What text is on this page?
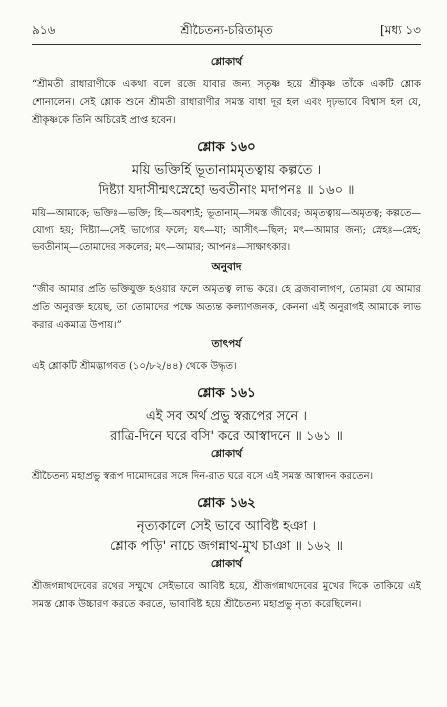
৯১৬	শ্রীচৈতন্য-চরিতামৃত	[মধ্য ১৩
শ্লোকার্থ
“শ্রীমতী রাধারাণীকে একথা বলে রজে যাবার জন্য সতৃষ্ণ হয়ে শ্রীকৃষ্ণ তাঁকে একটি শ্লোক শোনালেন। সেই শ্লোক শুনে শ্রীমতী রাধারাণীর সমস্ত বাধা দূর হল এবং দৃঢ়ভাবে বিশ্বাস হল যে, শ্রীকৃষ্ণকে তিনি অচিরেই প্রাপ্ত হবেন।
শ্লোক ১৬০
ময়ি ভক্তির্হি ভূতানামমৃতত্বায় কল্পতে ।
দিষ্ট্যা যদাসীন্মৎস্নেহো ভবতীনাং মদাপনঃ ॥ ১৬০ ॥
ময়ি—আমাকে; ভক্তিঃ—ভক্তি; হি—অবশ্যই; ভূতানাম্—সমস্ত জীবের; অমৃতত্বায়—অমৃতত্ব; কল্পতে—যোগ্য হয়; দিষ্ট্যা—সেই ভাগ্যের ফলে; যৎ—যা; আসীৎ—ছিল; মৎ—আমার জন্য; স্নেহঃ—স্নেহ; ভবতীনাম্—তোমাদের সকলের; মৎ—আমার; আপনঃ—সাক্ষাৎকার।
অনুবাদ
“জীব আমার প্রতি ভক্তিযুক্ত হওয়ার ফলে অমৃতত্ব লাভ করে। হে ব্রজবালাগণ, তোমরা যে আমার প্রতি অনুরক্ত হয়েছ, তা তোমাদের পক্ষে অত্যন্ত কল্যাণজনক, কেননা এই অনুরাগই আমাকে লাভ করার একমাত্র উপায়।”
তাৎপর্য
এই শ্লোকটি শ্রীমদ্ভাগবত (১০/৮২/৪৪) থেকে উদ্ধৃত।
শ্লোক ১৬১
এই সব অর্থ প্রভু স্বরূপের সনে ।
রাত্রি-দিনে ঘরে বসি' করে আস্বাদনে ॥ ১৬১ ॥
শ্লোকার্থ
শ্রীচৈতন্য মহাপ্রভু স্বরূপ দামোদরের সঙ্গে দিন-রাত ঘরে বসে এই সমস্ত আস্বাদন করতেন।
শ্লোক ১৬২
নৃত্যকালে সেই ভাবে আবিষ্ট হঞা ।
শ্লোক পড়ি' নাচে জগন্নাথ-মুখ চাঞা ॥ ১৬২ ॥
শ্লোকার্থ
শ্রীজগন্নাথদেবের রথের সম্মুখে সেইভাবে আবিষ্ট হয়ে, শ্রীজগন্নাথদেবের মুখের দিকে তাকিয়ে এই সমস্ত শ্লোক উচ্চারণ করতে করতে, ভাবাবিষ্ট হয়ে শ্রীচৈতন্য মহাপ্রভু নৃত্য করেছিলেন।
